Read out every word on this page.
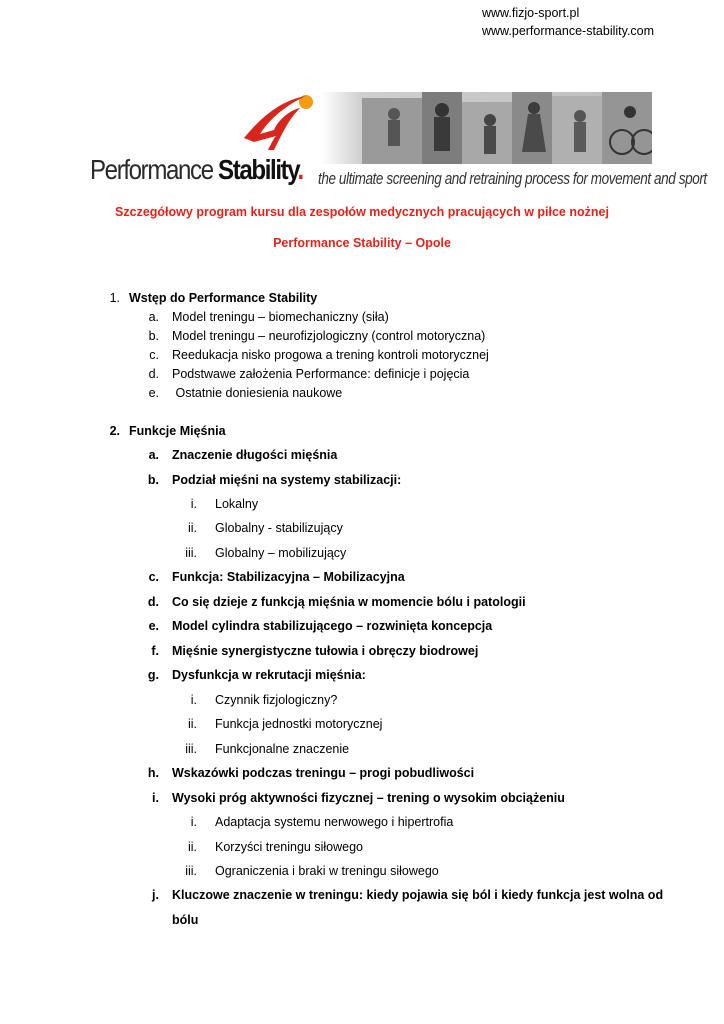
www.fizjo-sport.pl
www.performance-stability.com
Performance Stability. the ultimate screening and retraining process for movement and sport
Szczegółowy program kursu dla zespołów medycznych pracujących w piłce nożnej
Performance Stability – Opole
1. Wstęp do Performance Stability
a. Model treningu – biomechaniczny (siła)
b. Model treningu – neurofizjologiczny (control motoryczna)
c. Reedukacja nisko progowa a trening kontroli motorycznej
d. Podstwawe założenia Performance: definicje i pojęcia
e. Ostatnie doniesienia naukowe
2. Funkcje Mięśnia
a. Znaczenie długości mięśnia
b. Podział mięśni na systemy stabilizacji:
i. Lokalny
ii. Globalny - stabilizujący
iii. Globalny – mobilizujący
c. Funkcja: Stabilizacyjna – Mobilizacyjna
d. Co się dzieje z funkcją mięśnia w momencie bólu i patologii
e. Model cylindra stabilizującego – rozwinięta koncepcja
f. Mięśnie synergistyczne tułowia i obręczy biodrowej
g. Dysfunkcja w rekrutacji mięśnia:
i. Czynnik fizjologiczny?
ii. Funkcja jednostki motorycznej
iii. Funkcjonalne znaczenie
h. Wskazówki podczas treningu – progi pobudliwości
i. Wysoki próg aktywności fizycznej – trening o wysokim obciążeniu
i. Adaptacja systemu nerwowego i hipertrofia
ii. Korzyści treningu siłowego
iii. Ograniczenia i braki w treningu siłowego
j. Kluczowe znaczenie w treningu: kiedy pojawia się ból i kiedy funkcja jest wolna od
bólu
